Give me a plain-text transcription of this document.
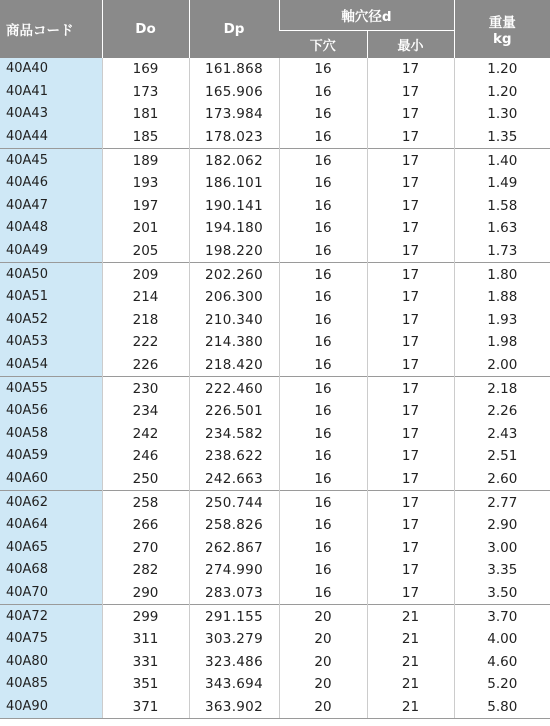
商品コード	Do	Dp	軸穴径d		重量
kg

			下穴	最小	
40A40	169	161.868	16	17	1.20
40A41	173	165.906	16	17	1.20
40A43	181	173.984	16	17	1.30
40A44	185	178.023	16	17	1.35
40A45	189	182.062	16	17	1.40
40A46	193	186.101	16	17	1.49
40A47	197	190.141	16	17	1.58
40A48	201	194.180	16	17	1.63
40A49	205	198.220	16	17	1.73
40A50	209	202.260	16	17	1.80
40A51	214	206.300	16	17	1.88
40A52	218	210.340	16	17	1.93
40A53	222	214.380	16	17	1.98
40A54	226	218.420	16	17	2.00
40A55	230	222.460	16	17	2.18
40A56	234	226.501	16	17	2.26
40A58	242	234.582	16	17	2.43
40A59	246	238.622	16	17	2.51
40A60	250	242.663	16	17	2.60
40A62	258	250.744	16	17	2.77
40A64	266	258.826	16	17	2.90
40A65	270	262.867	16	17	3.00
40A68	282	274.990	16	17	3.35
40A70	290	283.073	16	17	3.50
40A72	299	291.155	20	21	3.70
40A75	311	303.279	20	21	4.00
40A80	331	323.486	20	21	4.60
40A85	351	343.694	20	21	5.20
40A90	371	363.902	20	21	5.80
